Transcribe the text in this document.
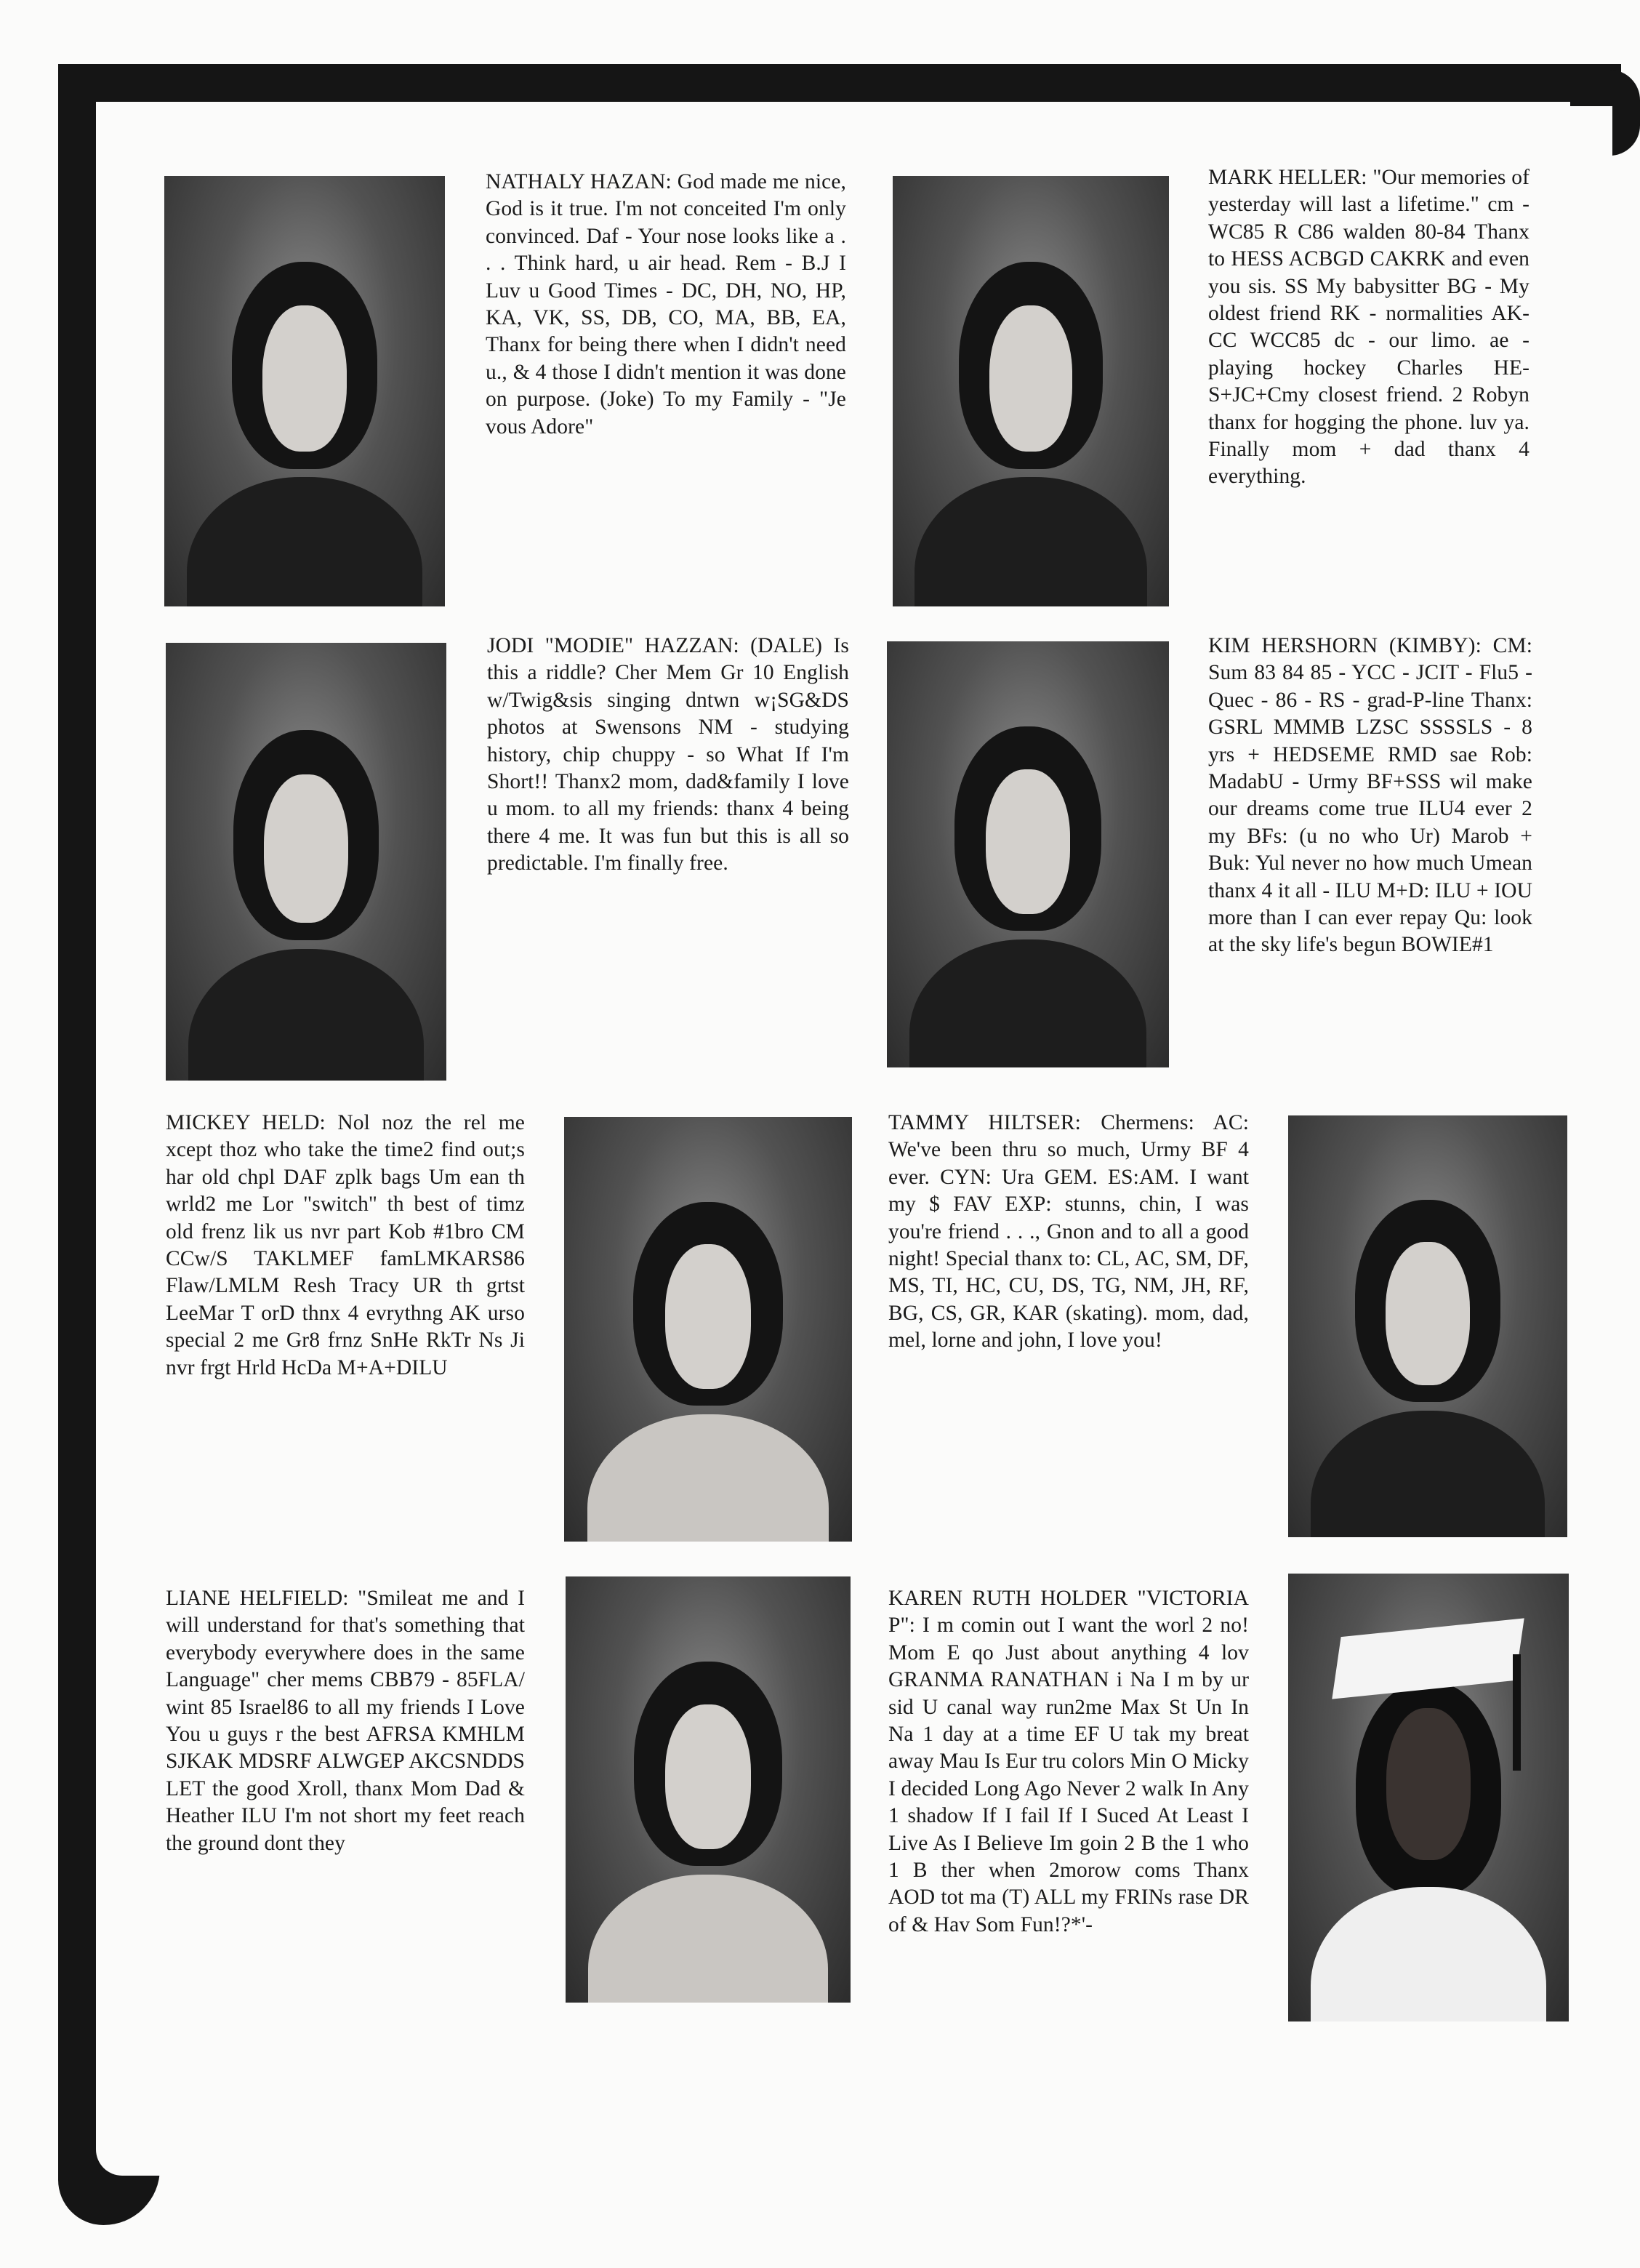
NATHALY HAZAN: God made me nice, God is it true. I'm not conceited I'm only convinced. Daf - Your nose looks like a . . . Think hard, u air head. Rem - B.J I Luv u Good Times - DC, DH, NO, HP, KA, VK, SS, DB, CO, MA, BB, EA, Thanx for being there when I didn't need u., & 4 those I didn't mention it was done on purpose. (Joke) To my Family - "Je vous Adore"

MARK HELLER: "Our memories of yesterday will last a lifetime." cm - WC85 R C86 walden 80-84 Thanx to HESS ACBGD CAKRK and even you sis. SS My babysitter BG - My oldest friend RK - normalities AK-CC WCC85 dc - our limo. ae - playing hockey Charles HE-S+JC+Cmy closest friend. 2 Robyn thanx for hogging the phone. luv ya. Finally mom + dad thanx 4 everything.

JODI "MODIE" HAZZAN: (DALE) Is this a riddle? Cher Mem Gr 10 English w/Twig&sis singing dntwn w¡SG&DS photos at Swensons NM - studying history, chip chuppy - so What If I'm Short!! Thanx2 mom, dad&family I love u mom. to all my friends: thanx 4 being there 4 me. It was fun but this is all so predictable. I'm finally free.

KIM HERSHORN (KIMBY): CM: Sum 83 84 85 - YCC - JCIT - Flu5 - Quec - 86 - RS - grad-P-line Thanx: GSRL MMMB LZSC SSSSLS - 8 yrs + HEDSEME RMD sae Rob: MadabU - Urmy BF+SSS wil make our dreams come true ILU4 ever 2 my BFs: (u no who Ur) Marob + Buk: Yul never no how much Umean thanx 4 it all - ILU M+D: ILU + IOU more than I can ever repay Qu: look at the sky life's begun BOWIE#1

MICKEY HELD: Nol noz the rel me xcept thoz who take the time2 find out;s har old chpl DAF zplk bags Um ean th wrld2 me Lor "switch" th best of timz old frenz lik us nvr part Kob #1bro CM CCw/S TAKLMEF famLMKARS86 Flaw/LMLM Resh Tracy UR th grtst LeeMar T orD thnx 4 evrythng AK urso special 2 me Gr8 frnz SnHe RkTr Ns Ji nvr frgt Hrld HcDa M+A+DILU

TAMMY HILTSER: Chermens: AC: We've been thru so much, Urmy BF 4 ever. CYN: Ura GEM. ES:AM. I want my $ FAV EXP: stunns, chin, I was you're friend . . ., Gnon and to all a good night! Special thanx to: CL, AC, SM, DF, MS, TI, HC, CU, DS, TG, NM, JH, RF, BG, CS, GR, KAR (skating). mom, dad, mel, lorne and john, I love you!

LIANE HELFIELD: "Smileat me and I will understand for that's something that everybody everywhere does in the same Language" cher mems CBB79 - 85FLA/ wint 85 Israel86 to all my friends I Love You u guys r the best AFRSA KMHLM SJKAK MDSRF ALWGEP AKCSNDDS LET the good Xroll, thanx Mom Dad & Heather ILU I'm not short my feet reach the ground dont they

KAREN RUTH HOLDER "VICTORIA P": I m comin out I want the worl 2 no! Mom E qo Just about anything 4 lov GRANMA RANATHAN i Na I m by ur sid U canal way run2me Max St Un In Na 1 day at a time EF U tak my breat away Mau Is Eur tru colors Min O Micky I decided Long Ago Never 2 walk In Any 1 shadow If I fail If I Suced At Least I Live As I Believe Im goin 2 B the 1 who 1 B ther when 2morow coms Thanx AOD tot ma (T) ALL my FRINs rase DR of & Hav Som Fun!?*'-
